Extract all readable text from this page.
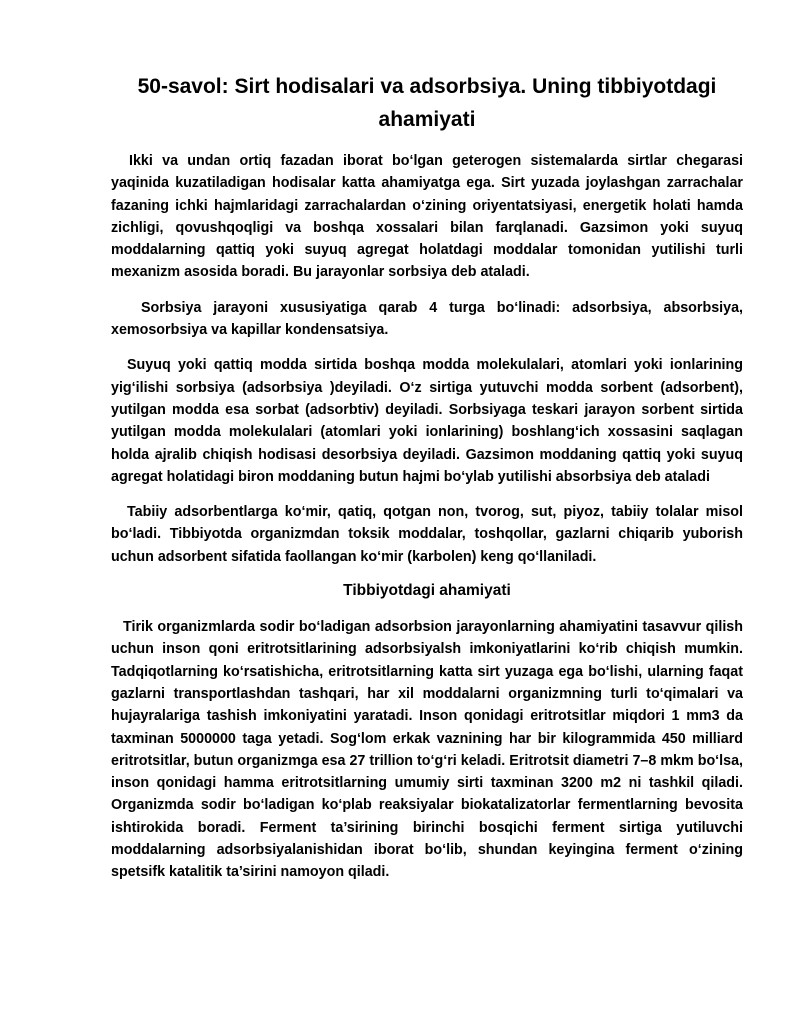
50-savol: Sirt hodisalari va adsorbsiya. Uning tibbiyotdagi ahamiyati

Ikki va undan ortiq fazadan iborat bo‘lgan geterogen sistemalarda sirtlar chegarasi yaqinida kuzatiladigan hodisalar katta ahamiyatga ega. Sirt yuzada joylashgan zarrachalar fazaning ichki hajmlaridagi zarrachalardan o‘zining oriyentatsiyasi, energetik holati hamda zichligi, qovushqoqligi va boshqa xossalari bilan farqlanadi. Gazsimon yoki suyuq moddalarning qattiq yoki suyuq agregat holatdagi moddalar tomonidan yutilishi turli mexanizm asosida boradi. Bu jarayonlar sorbsiya deb ataladi.

Sorbsiya jarayoni xususiyatiga qarab 4 turga bo‘linadi: adsorbsiya, absorbsiya, xemosorbsiya va kapillar kondensatsiya.

Suyuq yoki qattiq modda sirtida boshqa modda molekulalari, atomlari yoki ionlarining yig‘ilishi sorbsiya (adsorbsiya )deyiladi. O‘z sirtiga yutuvchi modda sorbent (adsorbent), yutilgan modda esa sorbat (adsorbtiv) deyiladi. Sorbsiyaga teskari jarayon sorbent sirtida yutilgan modda molekulalari (atomlari yoki ionlarining) boshlang‘ich xossasini saqlagan holda ajralib chiqish hodisasi desorbsiya deyiladi. Gazsimon moddaning qattiq yoki suyuq agregat holatidagi biron moddaning butun hajmi bo‘ylab yutilishi absorbsiya deb ataladi

Tabiiy adsorbentlarga ko‘mir, qatiq, qotgan non, tvorog, sut, piyoz, tabiiy tolalar misol bo‘ladi. Tibbiyotda organizmdan toksik moddalar, toshqollar, gazlarni chiqarib yuborish uchun adsorbent sifatida faollangan ko‘mir (karbolen) keng qo‘llaniladi.

Tibbiyotdagi ahamiyati

Tirik organizmlarda sodir bo‘ladigan adsorbsion jarayonlarning ahamiyatini tasavvur qilish uchun inson qoni eritrotsitlarining adsorbsiyalsh imkoniyatlarini ko‘rib chiqish mumkin. Tadqiqotlarning ko‘rsatishicha, eritrotsitlarning katta sirt yuzaga ega bo‘lishi, ularning faqat gazlarni transportlashdan tashqari, har xil moddalarni organizmning turli to‘qimalari va hujayralariga tashish imkoniyatini yaratadi. Inson qonidagi eritrotsitlar miqdori 1 mm3 da taxminan 5000000 taga yetadi. Sog‘lom erkak vaznining har bir kilogrammida 450 milliard eritrotsitlar, butun organizmga esa 27 trillion to‘g‘ri keladi. Eritrotsit diametri 7–8 mkm bo‘lsa, inson qonidagi hamma eritrotsitlarning umumiy sirti taxminan 3200 m2 ni tashkil qiladi. Organizmda sodir bo‘ladigan ko‘plab reaksiyalar biokatalizatorlar fermentlarning bevosita ishtirokida boradi. Ferment ta’sirining birinchi bosqichi ferment sirtiga yutiluvchi moddalarning adsorbsiyalanishidan iborat bo‘lib, shundan keyingina ferment o‘zining spetsifk katalitik ta’sirini namoyon qiladi.
